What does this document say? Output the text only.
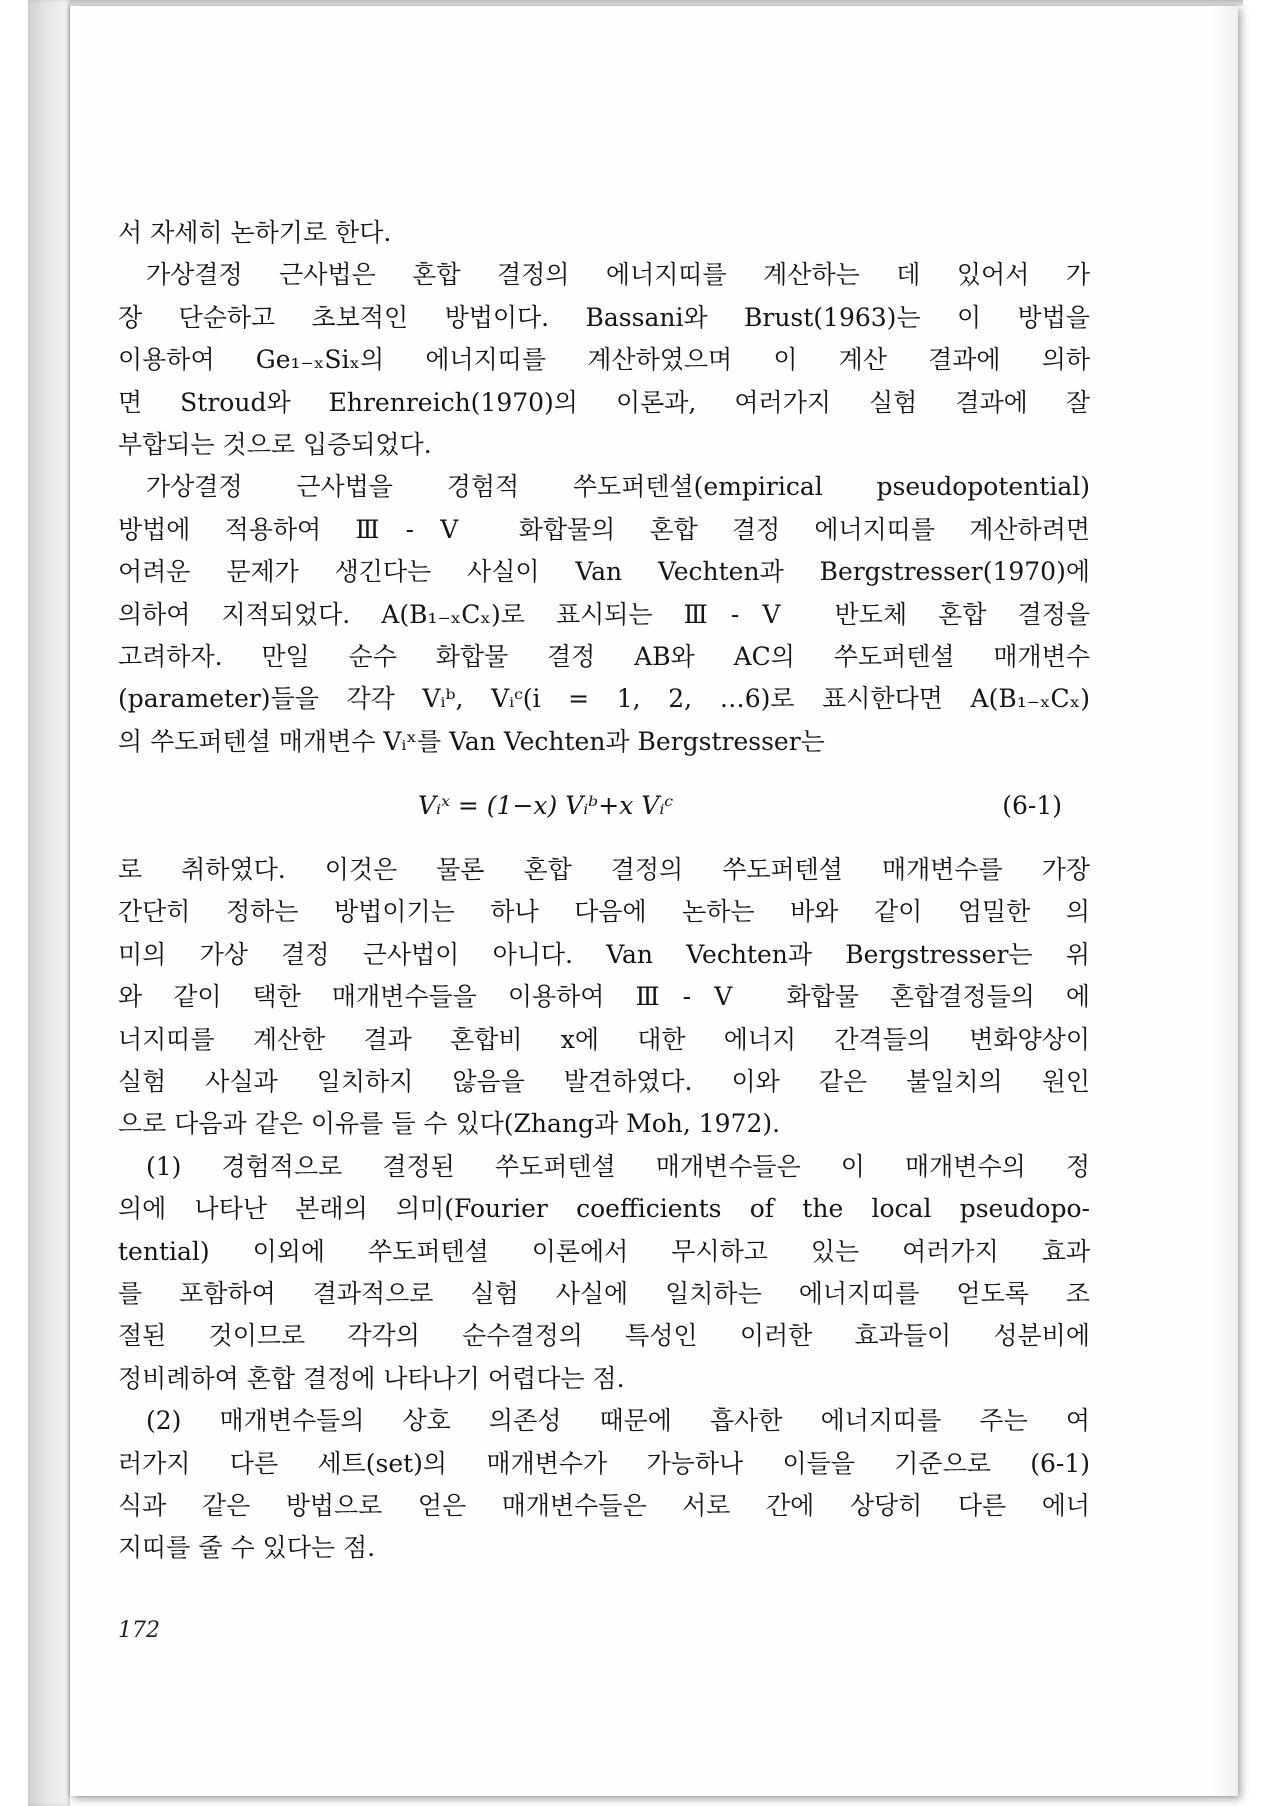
서 자세히 논하기로 한다.
가상결정 근사법은 혼합 결정의 에너지띠를 계산하는 데 있어서 가
장 단순하고 초보적인 방법이다. Bassani와 Brust(1963)는 이 방법을
이용하여 Ge₁₋ₓSiₓ의 에너지띠를 계산하였으며 이 계산 결과에 의하
면 Stroud와 Ehrenreich(1970)의 이론과, 여러가지 실험 결과에 잘
부합되는 것으로 입증되었다.
가상결정 근사법을 경험적 쑤도퍼텐셜(empirical pseudopotential)
방법에 적용하여 Ⅲ-Ⅴ 화합물의 혼합 결정 에너지띠를 계산하려면
어려운 문제가 생긴다는 사실이 Van Vechten과 Bergstresser(1970)에
의하여 지적되었다. A(B₁₋ₓCₓ)로 표시되는 Ⅲ-Ⅴ 반도체 혼합 결정을
고려하자. 만일 순수 화합물 결정 AB와 AC의 쑤도퍼텐셜 매개변수
(parameter)들을 각각 Vᵢᵇ, Vᵢᶜ(i = 1, 2, …6)로 표시한다면 A(B₁₋ₓCₓ)
의 쑤도퍼텐셜 매개변수 Vᵢˣ를 Van Vechten과 Bergstresser는
Vᵢˣ = (1−x) Vᵢᵇ+x Vᵢᶜ	(6-1)
로 취하였다. 이것은 물론 혼합 결정의 쑤도퍼텐셜 매개변수를 가장
간단히 정하는 방법이기는 하나 다음에 논하는 바와 같이 엄밀한 의
미의 가상 결정 근사법이 아니다. Van Vechten과 Bergstresser는 위
와 같이 택한 매개변수들을 이용하여 Ⅲ-Ⅴ 화합물 혼합결정들의 에
너지띠를 계산한 결과 혼합비 x에 대한 에너지 간격들의 변화양상이
실험 사실과 일치하지 않음을 발견하였다. 이와 같은 불일치의 원인
으로 다음과 같은 이유를 들 수 있다(Zhang과 Moh, 1972).
(1) 경험적으로 결정된 쑤도퍼텐셜 매개변수들은 이 매개변수의 정
의에 나타난 본래의 의미(Fourier coefficients of the local pseudopo-
tential) 이외에 쑤도퍼텐셜 이론에서 무시하고 있는 여러가지 효과
를 포함하여 결과적으로 실험 사실에 일치하는 에너지띠를 얻도록 조
절된 것이므로 각각의 순수결정의 특성인 이러한 효과들이 성분비에
정비례하여 혼합 결정에 나타나기 어렵다는 점.
(2) 매개변수들의 상호 의존성 때문에 흡사한 에너지띠를 주는 여
러가지 다른 세트(set)의 매개변수가 가능하나 이들을 기준으로 (6-1)
식과 같은 방법으로 얻은 매개변수들은 서로 간에 상당히 다른 에너
지띠를 줄 수 있다는 점.
172
